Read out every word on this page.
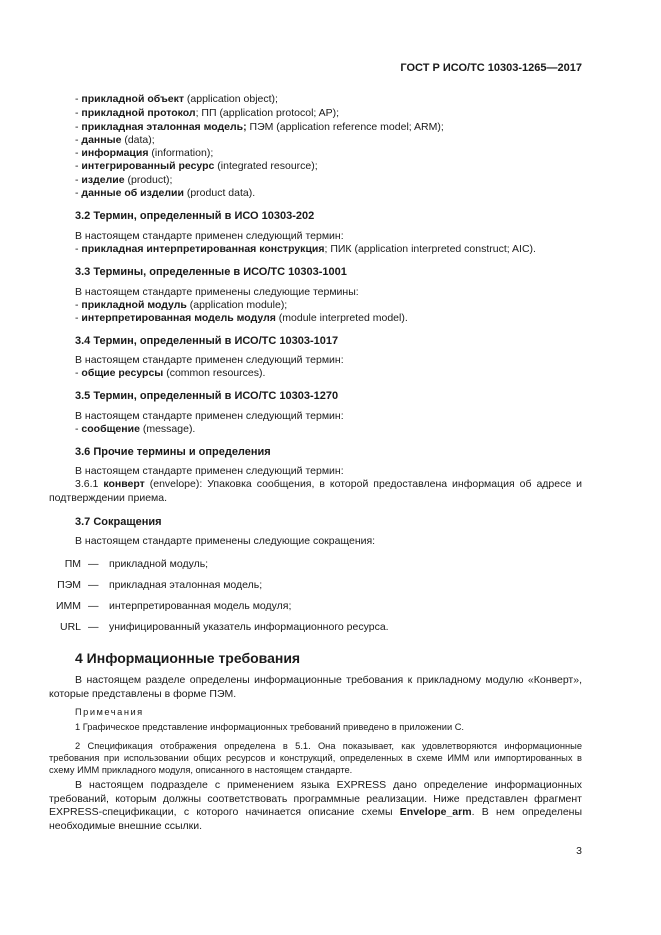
ГОСТ Р ИСО/ТС 10303-1265—2017
- прикладной объект (application object);
- прикладной протокол; ПП (application protocol; AP);
- прикладная эталонная модель; ПЭМ (application reference model; ARM);
- данные (data);
- информация (information);
- интегрированный ресурс (integrated resource);
- изделие (product);
- данные об изделии (product data).
3.2 Термин, определенный в ИСО 10303-202
В настоящем стандарте применен следующий термин:
- прикладная интерпретированная конструкция; ПИК (application interpreted construct; AIC).
3.3 Термины, определенные в ИСО/ТС 10303-1001
В настоящем стандарте применены следующие термины:
- прикладной модуль (application module);
- интерпретированная модель модуля (module interpreted model).
3.4 Термин, определенный в ИСО/ТС 10303-1017
В настоящем стандарте применен следующий термин:
- общие ресурсы (common resources).
3.5 Термин, определенный в ИСО/ТС 10303-1270
В настоящем стандарте применен следующий термин:
- сообщение (message).
3.6 Прочие термины и определения
В настоящем стандарте применен следующий термин:
3.6.1 конверт (envelope): Упаковка сообщения, в которой предоставлена информация об адресе и подтверждении приема.
3.7 Сокращения
В настоящем стандарте применены следующие сокращения:
ПМ — прикладной модуль;
ПЭМ — прикладная эталонная модель;
ИММ — интерпретированная модель модуля;
URL — унифицированный указатель информационного ресурса.
4 Информационные требования
В настоящем разделе определены информационные требования к прикладному модулю «Конверт», которые представлены в форме ПЭМ.
Примечания
1 Графическое представление информационных требований приведено в приложении С.
2 Спецификация отображения определена в 5.1. Она показывает, как удовлетворяются информационные требования при использовании общих ресурсов и конструкций, определенных в схеме ИММ или импортированных в схему ИММ прикладного модуля, описанного в настоящем стандарте.
В настоящем подразделе с применением языка EXPRESS дано определение информационных требований, которым должны соответствовать программные реализации. Ниже представлен фрагмент EXPRESS-спецификации, с которого начинается описание схемы Envelope_arm. В нем определены необходимые внешние ссылки.
3
